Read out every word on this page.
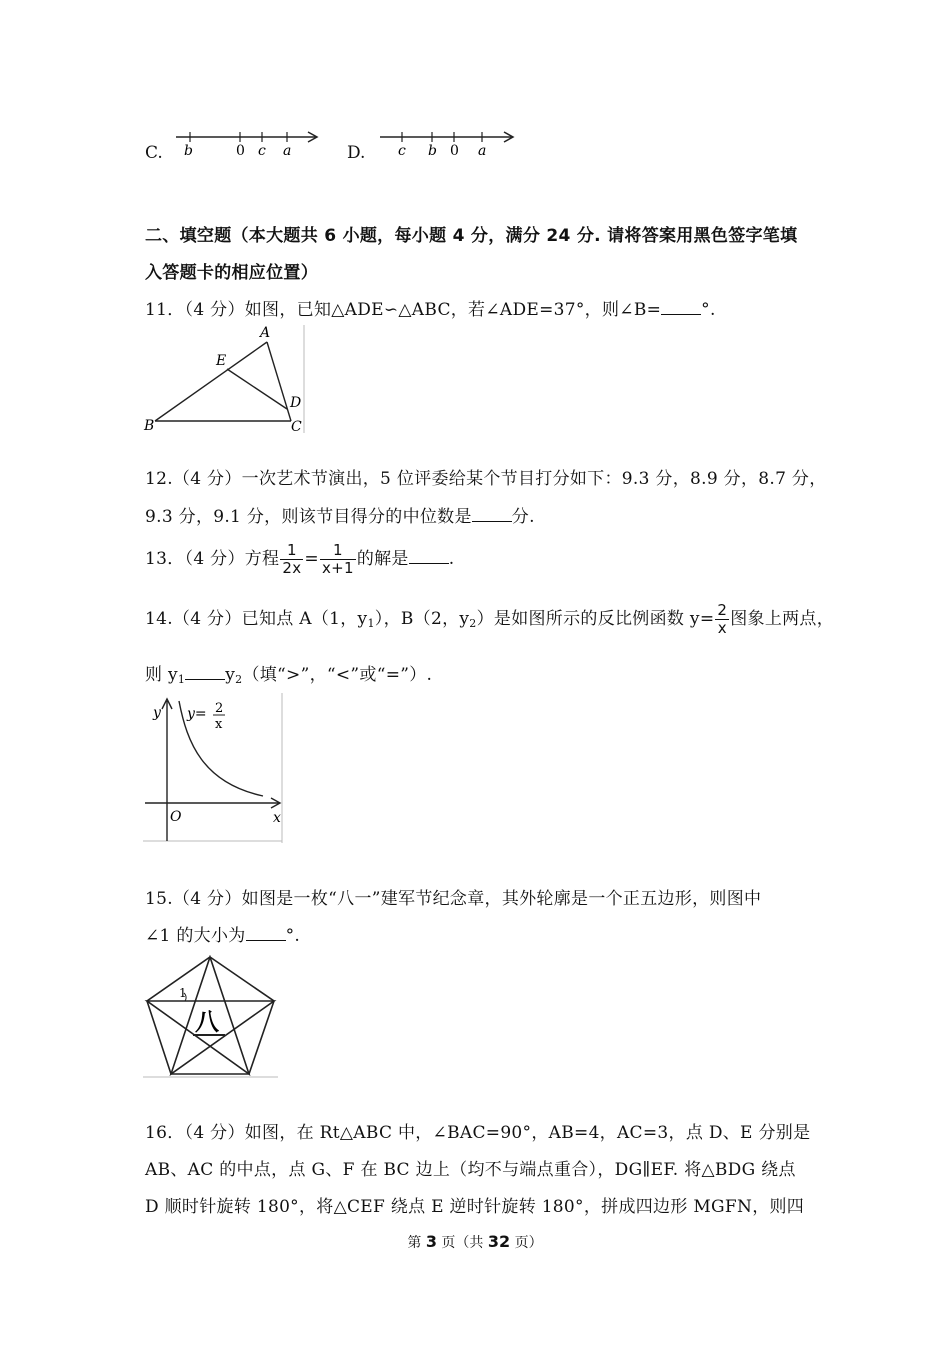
C. b	0 c a	D. c b 0 a
二、填空题（本大题共 6 小题，每小题 4 分，满分 24 分. 请将答案用黑色签字笔填
入答题卡的相应位置）
11．（4 分）如图，已知△ADE∽△ABC，若∠ADE=37°，则∠B= °.
A
E
D
B	C
12.（4 分）一次艺术节演出，5 位评委给某个节目打分如下：9.3 分，8.9 分，8.7 分，
9.3 分，9.1 分，则该节目得分的中位数是 分.
13．（4 分）方程 $\frac{1}{2x} = \frac{1}{x+1}$ 的解是 .
14.（4 分）已知点 A（1，$y_1$），B（2，$y_2$）是如图所示的反比例函数 $y= \frac{2}{x}$ 图象上两点，
则 $y_1$ $y_2$（填“>”，“<”或“=”）.
y
x
O
y= 2
x
15.（4 分）如图是一枚“八一”建军节纪念章，其外轮廓是一个正五边形，则图中
∠1 的大小为 °.
1
八
16．（4 分）如图，在 Rt△ABC 中，∠BAC=90°，AB=4，AC=3，点 D、E 分别是
AB、AC 的中点，点 G、F 在 BC 边上（均不与端点重合），DG∥EF. 将△BDG 绕点
D 顺时针旋转 180°，将△CEF 绕点 E 逆时针旋转 180°，拼成四边形 MGFN，则四
第 3 页（共 32 页）
